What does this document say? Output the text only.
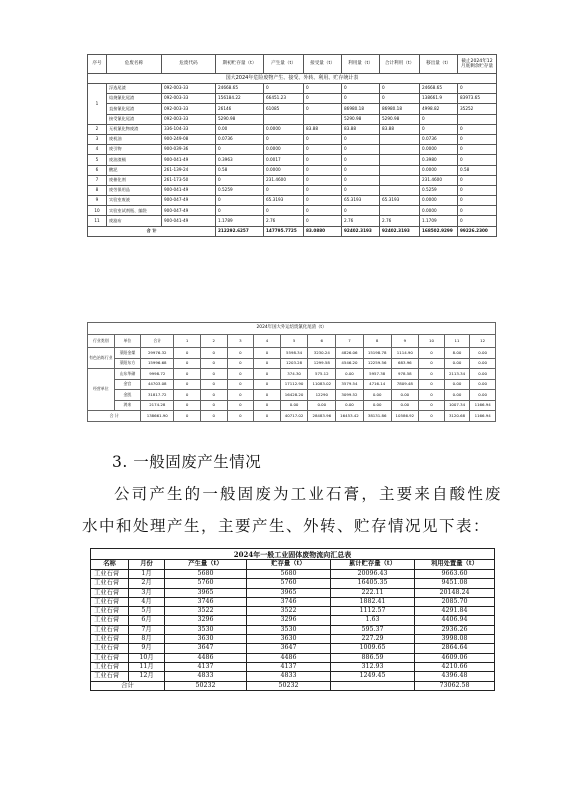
国大2024年危险废物产生、接受、外转、利用、贮存统计表									
序号	危废名称	危废代码	期初贮存量（t）	产生量（t）	接受量（t）	利用量（t）	合计利用（t）	移出量（t）	截止2024年12月底剩余贮存量
1	浮选尾渣	092-003-33	24668.65	0	0	0	0	24668.65	0
	焙烧氰化尾渣	092-003-33	156184.22	66451.23	0	0	0	138661.9	83973.65
	直接氰化尾渣	092-003-33	26146	61085	0	86980.18	86980.18	4998.82	35252
	接受氰化尾渣	092-003-33	5290.98			5290.98	5290.98	0	
2	无机氰化物废渣	336-104-33	0.00	0.0000	83.88	83.88	83.88	0	0
3	废机油	900-249-08	0.0736	0	0	0		0.0736	0
4	废引物	900-039-36	0	0.0000	0	0		0.0000	0
5	废油渣桶	900-041-49	0.3963	0.0017	0	0		0.3980	0
6	酸泥	261-139-24	0.58	0.0000	0	0		0.0000	0.58
7	废催化剂	261-173-50	0	231.4600	0	0		231.4600	0
8	废劳保用品	900-041-49	0.5259	0	0	0		0.5259	0
9	实验室废液	900-047-49	0	65.3193	0	65.3193	65.3193	0.0000	0
10	实验室试剂瓶、编袋	900-047-49	0	0	0	0		0.0000	0
11	废滤布	900-041-49	1.1789	2.76	0	2.76	2.76	1.1709	0
合 计			212292.6257	147795.7725	83.0880	92402.3193	92402.3193	168502.9299	99226.2300
2024年国大外运焙烧氰化尾渣（t）														
行业类别	单位	合计	1	2	3	4	5	6	7	8	9	10	11	12
有色冶炼行业	莱阳金煤	29976.32	0	0	0	0	5598.34	3230.24	4826.06	15198.78	1114.90	0	8.00	0.00
	莱阳东方	15996.68	0	0	0	0	1203.28	1299.58	4546.20	12259.56	683.96	0	0.00	0.00
经营单位	山东华碲	9998.72	0	0	0	0	374.30	575.12	0.00	5957.38	978.58	0	2113.34	0.00
	金宫	44703.08	0	0	0	0	17112.90	11083.02	3579.54	4716.14	7809.48	0	0.00	0.00
	金凯	31817.72	0	0	0	0	16428.20	12290	3099.52	0.00	0.00	0	0.00	0.00
	鸿来	2174.28	0	0	0	0	0.00	0.00	0.00	0.00	0.00	0	1007.34	1166.94
合 计		138661.90	0	0	0	0	40717.02	28483.96	16453.42	38131.86	10586.92	0	3120.68	1166.94
3. 一般固废产生情况

公司产生的一般固废为工业石膏，主要来自酸性废水中和处理产生，主要产生、外转、贮存情况见下表：

2024年一般工业固体废物流向汇总表					
名称	月份	产生量（t）	贮存量（t）	累计贮存量（t）	利用处置量（t）
工业石膏	1月	5680	5680	20096.43	9663.60
工业石膏	2月	5760	5760	16405.35	9451.08
工业石膏	3月	3965	3965	222.11	20148.24
工业石膏	4月	3746	3746	1882.41	2085.70
工业石膏	5月	3522	3522	1112.57	4291.84
工业石膏	6月	3296	3296	1.63	4406.94
工业石膏	7月	3530	3530	595.37	2936.26
工业石膏	8月	3630	3630	227.29	3998.08
工业石膏	9月	3647	3647	1009.65	2864.64
工业石膏	10月	4486	4486	886.59	4609.06
工业石膏	11月	4137	4137	312.93	4210.66
工业石膏	12月	4833	4833	1249.45	4396.48
合计		50232	50232		73062.58
